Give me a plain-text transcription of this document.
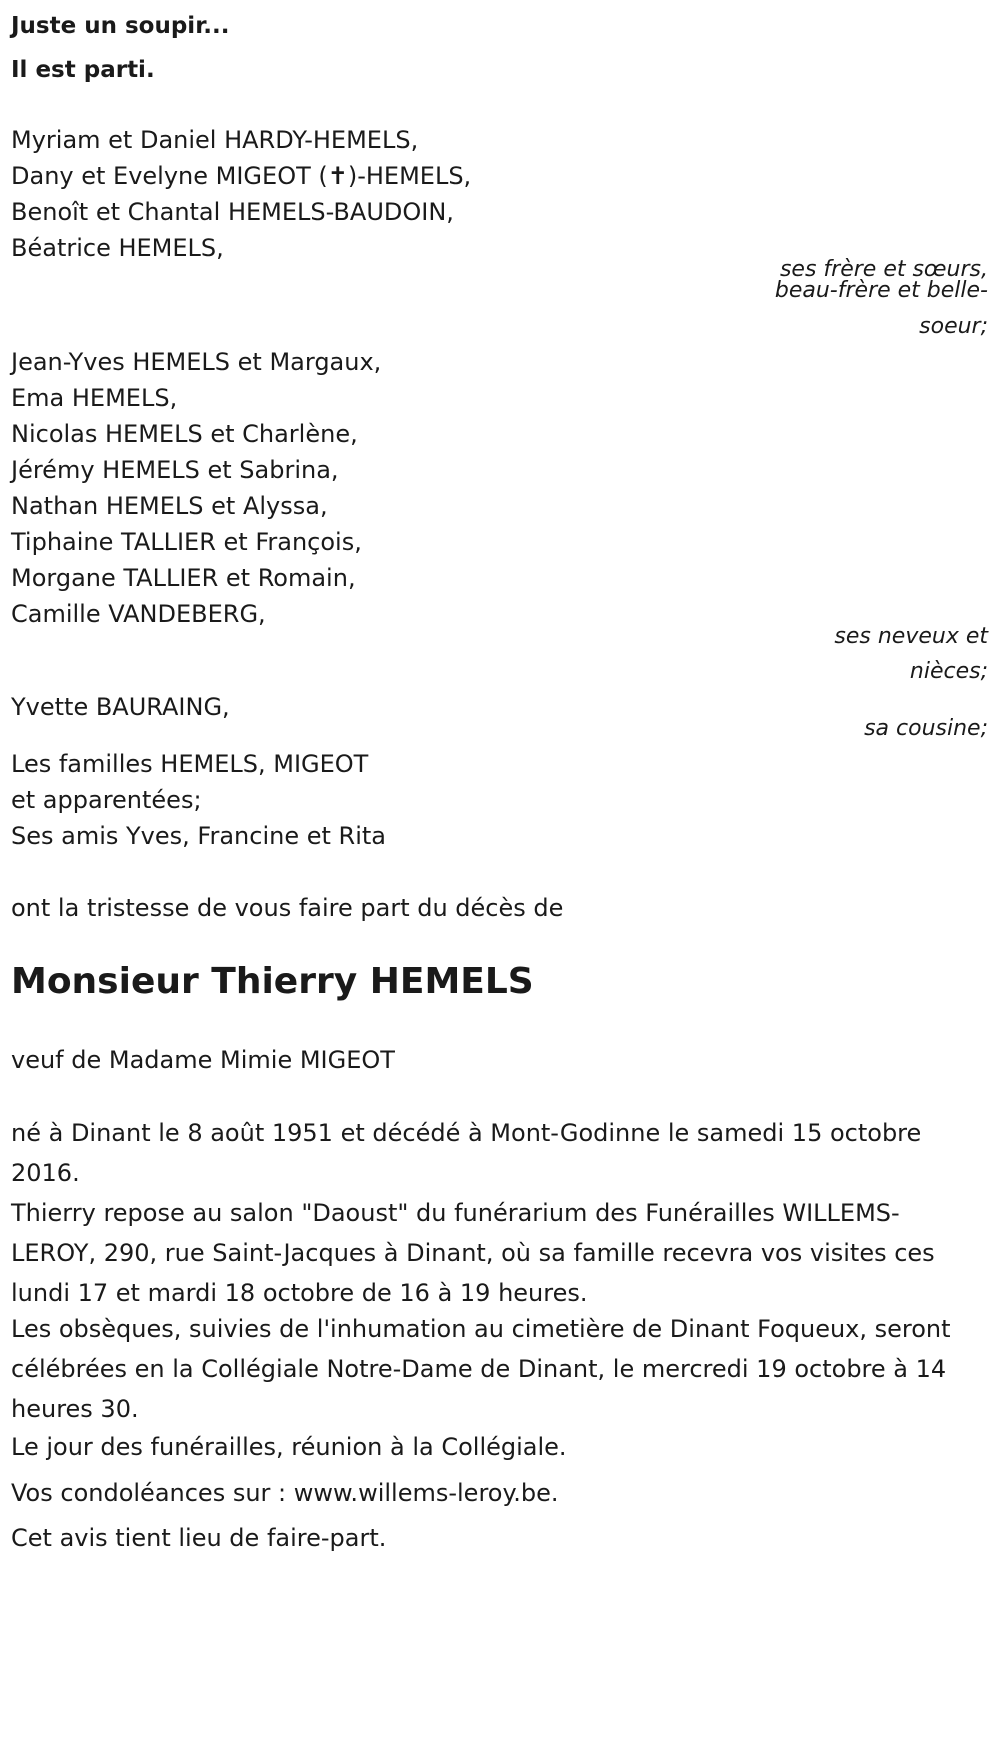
Juste un soupir...
Il est parti.
Myriam et Daniel HARDY-HEMELS,
Dany et Evelyne MIGEOT (✝)-HEMELS,
Benoît et Chantal HEMELS-BAUDOIN,
Béatrice HEMELS,
ses frère et sœurs,
beau-frère et belle-
soeur;
Jean-Yves HEMELS et Margaux,
Ema HEMELS,
Nicolas HEMELS et Charlène,
Jérémy HEMELS et Sabrina,
Nathan HEMELS et Alyssa,
Tiphaine TALLIER et François,
Morgane TALLIER et Romain,
Camille VANDEBERG,
ses neveux et
nièces;
Yvette BAURAING,
sa cousine;
Les familles HEMELS, MIGEOT
et apparentées;
Ses amis Yves, Francine et Rita
ont la tristesse de vous faire part du décès de
Monsieur Thierry HEMELS
veuf de Madame Mimie MIGEOT
né à Dinant le 8 août 1951 et décédé à Mont-Godinne le samedi 15 octobre 2016.
Thierry repose au salon "Daoust" du funérarium des Funérailles WILLEMS-LEROY, 290, rue Saint-Jacques à Dinant, où sa famille recevra vos visites ces lundi 17 et mardi 18 octobre de 16 à 19 heures.
Les obsèques, suivies de l'inhumation au cimetière de Dinant Foqueux, seront célébrées en la Collégiale Notre-Dame de Dinant, le mercredi 19 octobre à 14 heures 30.
Le jour des funérailles, réunion à la Collégiale.
Vos condoléances sur : www.willems-leroy.be.
Cet avis tient lieu de faire-part.
